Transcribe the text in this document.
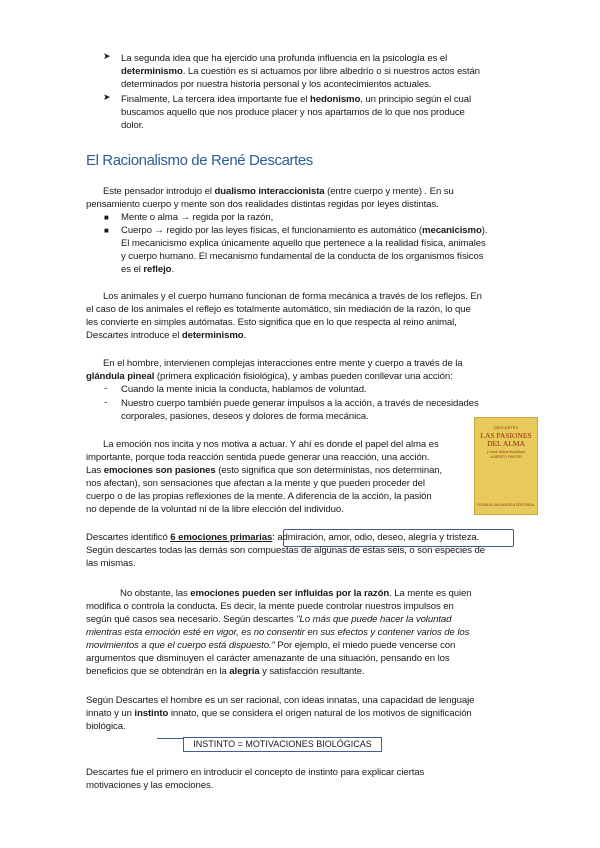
➤ La segunda idea que ha ejercido una profunda influencia en la psicología es el
determinismo. La cuestión es si actuamos por libre albedrío o si nuestros actos están
determinados por nuestra historia personal y los acontecimientos actuales.
➤ Finalmente, La tercera idea importante fue el hedonismo, un principio según el cual
buscamos aquello que nos produce placer y nos apartamos de lo que nos produce
dolor.
El Racionalismo de René Descartes
Este pensador introdujo el dualismo interaccionista (entre cuerpo y mente) . En su
pensamiento cuerpo y mente son dos realidades distintas regidas por leyes distintas.
■ Mente o alma → regida por la razón,
■ Cuerpo → regido por las leyes físicas, el funcionamiento es automático (mecanicismo).
El mecanicismo explica únicamente aquello que pertenece a la realidad física, animales
y cuerpo humano. El mecanismo fundamental de la conducta de los organismos físicos
es el reflejo.
Los animales y el cuerpo humano funcionan de forma mecánica a través de los reflejos. En
el caso de los animales el reflejo es totalmente automático, sin mediación de la razón, lo que
les convierte en simples autómatas. Esto significa que en lo que respecta al reino animal,
Descartes introduce el determinismo.
En el hombre, intervienen complejas interacciones entre mente y cuerpo a través de la
glándula pineal (primera explicación fisiológica), y ambas pueden conllevar una acción:
- Cuando la mente inicia la conducta, hablamos de voluntad.
- Nuestro cuerpo también puede generar impulsos a la acción, a través de necesidades
corporales, pasiones, deseos y dolores de forma mecánica.
La emoción nos incita y nos motiva a actuar. Y ahí es donde el papel del alma es
importante, porque toda reacción sentida puede generar una reacción, una acción.
Las emociones son pasiones (esto significa que son deterministas, nos determinan,
nos afectan), son sensaciones que afectan a la mente y que pueden proceder del
cuerpo o de las propias reflexiones de la mente. A diferencia de la acción, la pasión
no depende de la voluntad ni de la libre elección del individuo.
DESCARTES
LAS PASIONES DEL ALMA
y otros textos filosóficos
ALBERTO PINTOR
ROSALÍA SALVADORA EDITORIAL
Descartes identificó 6 emociones primarias: admiración, amor, odio, deseo, alegría y tristeza.
Según descartes todas las demás son compuestas de algunas de estas seis, o son especies de
las mismas.
No obstante, las emociones pueden ser influidas por la razón. La mente es quien
modifica o controla la conducta. Es decir, la mente puede controlar nuestros impulsos en
según qué casos sea necesario. Según descartes "Lo más que puede hacer la voluntad
mientras esta emoción esté en vigor, es no consentir en sus efectos y contener varios de los
movimientos a que el cuerpo está dispuesto." Por ejemplo, el miedo puede vencerse con
argumentos que disminuyen el carácter amenazante de una situación, pensando en los
beneficios que se obtendrán en la alegría y satisfacción resultante.
Según Descartes el hombre es un ser racional, con ideas innatas, una capacidad de lenguaje
innato y un instinto innato, que se considera el origen natural de los motivos de significación
biológica.
INSTINTO = MOTIVACIONES BIOLÓGICAS
Descartes fue el primero en introducir el concepto de instinto para explicar ciertas
motivaciones y las emociones.
